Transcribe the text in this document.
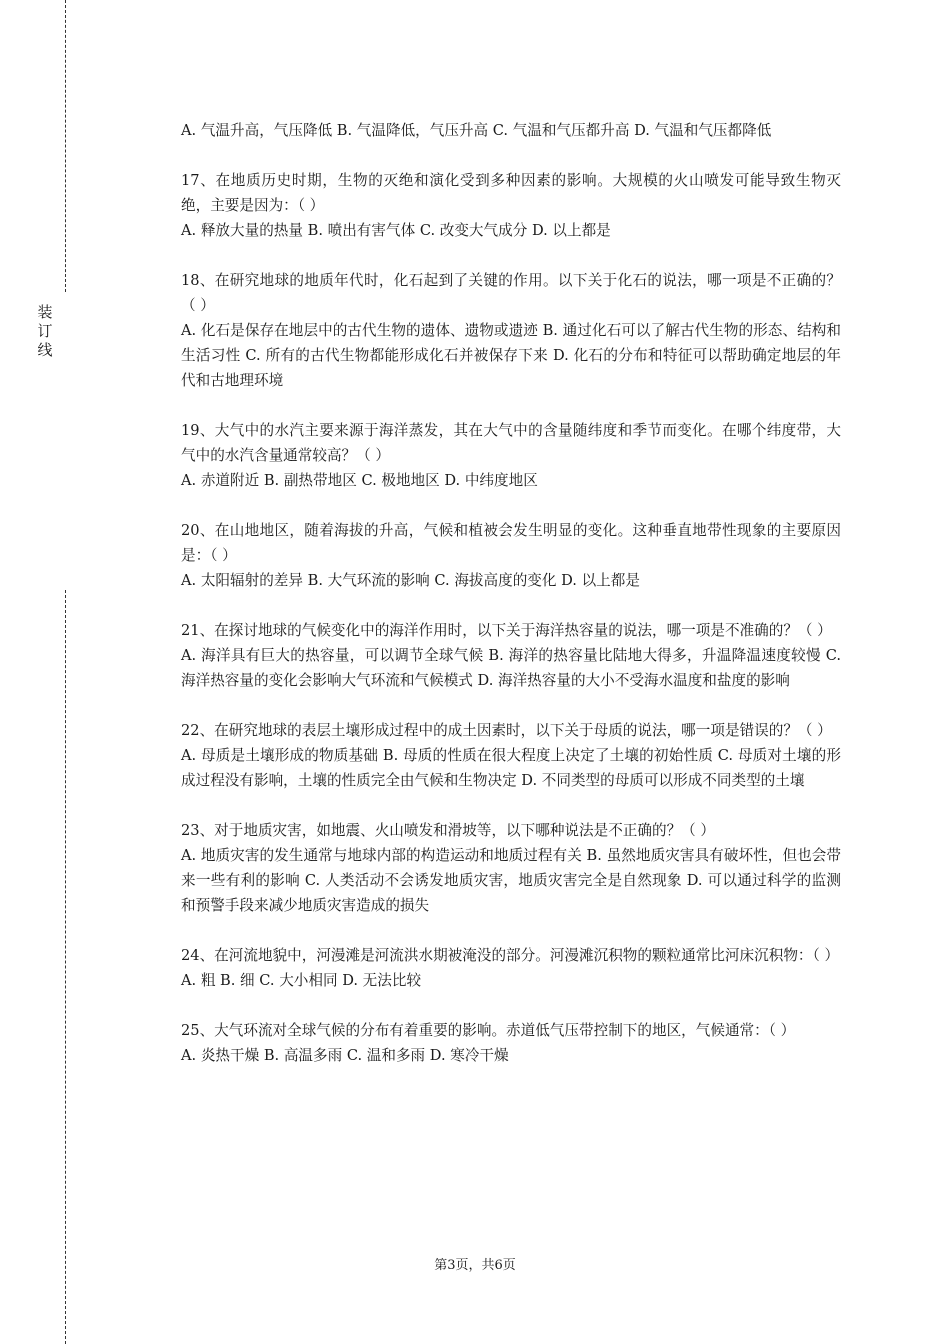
装订线

A. 气温升高，气压降低 B. 气温降低，气压升高 C. 气温和气压都升高 D. 气温和气压都降低

17、在地质历史时期，生物的灭绝和演化受到多种因素的影响。大规模的火山喷发可能导致生物灭绝，主要是因为：（ ）

A. 释放大量的热量 B. 喷出有害气体 C. 改变大气成分 D. 以上都是

18、在研究地球的地质年代时，化石起到了关键的作用。以下关于化石的说法，哪一项是不正确的？（ ）

A. 化石是保存在地层中的古代生物的遗体、遗物或遗迹 B. 通过化石可以了解古代生物的形态、结构和生活习性 C. 所有的古代生物都能形成化石并被保存下来 D. 化石的分布和特征可以帮助确定地层的年代和古地理环境

19、大气中的水汽主要来源于海洋蒸发，其在大气中的含量随纬度和季节而变化。在哪个纬度带，大气中的水汽含量通常较高？（ ）

A. 赤道附近 B. 副热带地区 C. 极地地区 D. 中纬度地区

20、在山地地区，随着海拔的升高，气候和植被会发生明显的变化。这种垂直地带性现象的主要原因是：（ ）

A. 太阳辐射的差异 B. 大气环流的影响 C. 海拔高度的变化 D. 以上都是

21、在探讨地球的气候变化中的海洋作用时，以下关于海洋热容量的说法，哪一项是不准确的？（ ）

A. 海洋具有巨大的热容量，可以调节全球气候 B. 海洋的热容量比陆地大得多，升温降温速度较慢 C. 海洋热容量的变化会影响大气环流和气候模式 D. 海洋热容量的大小不受海水温度和盐度的影响

22、在研究地球的表层土壤形成过程中的成土因素时，以下关于母质的说法，哪一项是错误的？（ ）

A. 母质是土壤形成的物质基础 B. 母质的性质在很大程度上决定了土壤的初始性质 C. 母质对土壤的形成过程没有影响，土壤的性质完全由气候和生物决定 D. 不同类型的母质可以形成不同类型的土壤

23、对于地质灾害，如地震、火山喷发和滑坡等，以下哪种说法是不正确的？（ ）

A. 地质灾害的发生通常与地球内部的构造运动和地质过程有关 B. 虽然地质灾害具有破坏性，但也会带来一些有利的影响 C. 人类活动不会诱发地质灾害，地质灾害完全是自然现象 D. 可以通过科学的监测和预警手段来减少地质灾害造成的损失

24、在河流地貌中，河漫滩是河流洪水期被淹没的部分。河漫滩沉积物的颗粒通常比河床沉积物：（ ）

A. 粗 B. 细 C. 大小相同 D. 无法比较

25、大气环流对全球气候的分布有着重要的影响。赤道低气压带控制下的地区，气候通常：（ ）

A. 炎热干燥 B. 高温多雨 C. 温和多雨 D. 寒冷干燥

第3页，共6页
